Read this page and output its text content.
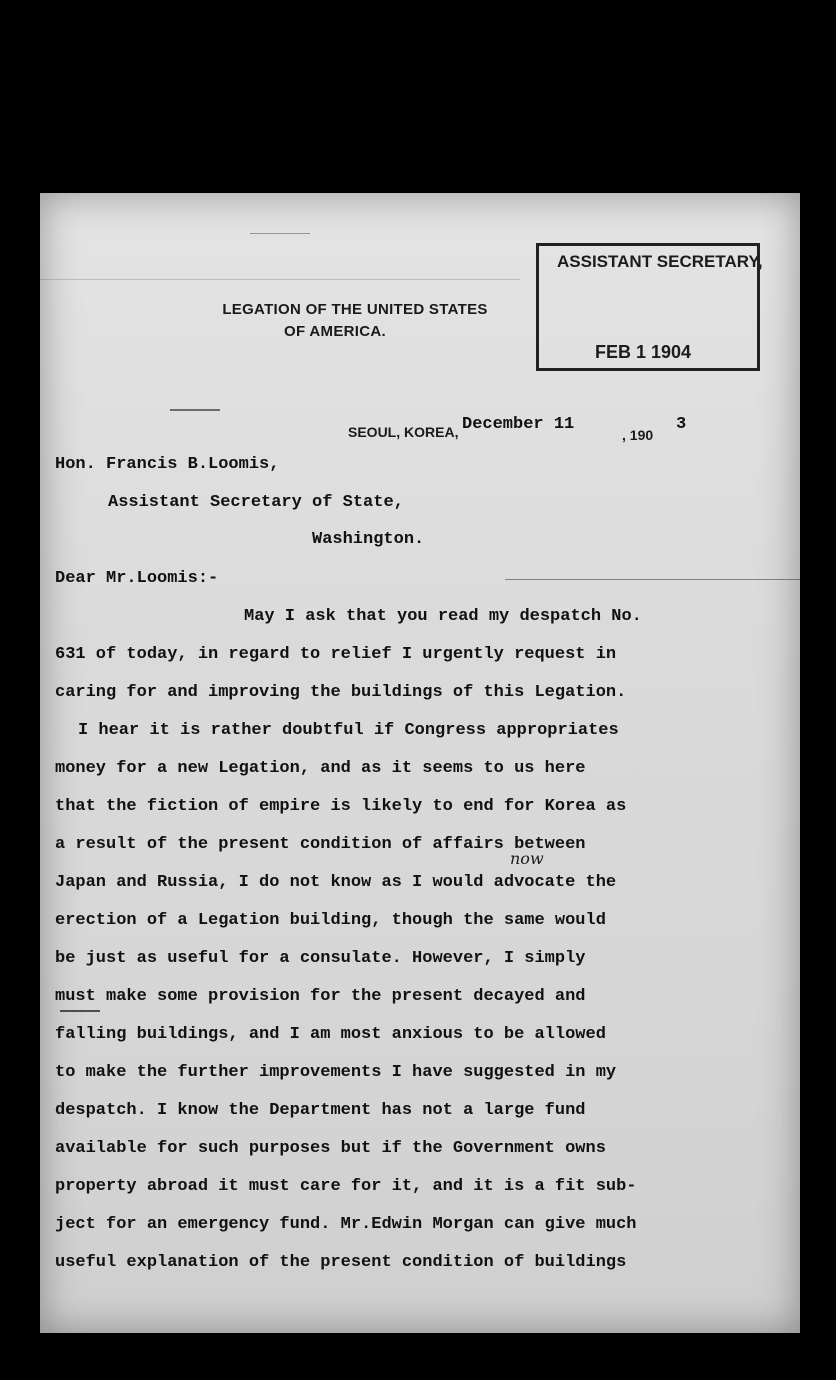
LEGATION OF THE UNITED STATES
OF AMERICA.
ASSISTANT SECRETARY,
FEB 1 1904
SEOUL, KOREA, December 11
, 190
3
Hon. Francis B.Loomis,
Assistant Secretary of State,
Washington.
Dear Mr.Loomis:-
May I ask that you read my despatch No.
631 of today, in regard to relief I urgently request in
caring for and improving the buildings of this Legation.
I hear it is rather doubtful if Congress appropriates
money for a new Legation, and as it seems to us here
that the fiction of empire is likely to end for Korea as
a result of the present condition of affairs between
now
Japan and Russia, I do not know as I would advocate the
erection of a Legation building, though the same would
be just as useful for a consulate. However, I simply
must make some provision for the present decayed and
falling buildings, and I am most anxious to be allowed
to make the further improvements I have suggested in my
despatch. I know the Department has not a large fund
available for such purposes but if the Government owns
property abroad it must care for it, and it is a fit sub-
ject for an emergency fund. Mr.Edwin Morgan can give much
useful explanation of the present condition of buildings
